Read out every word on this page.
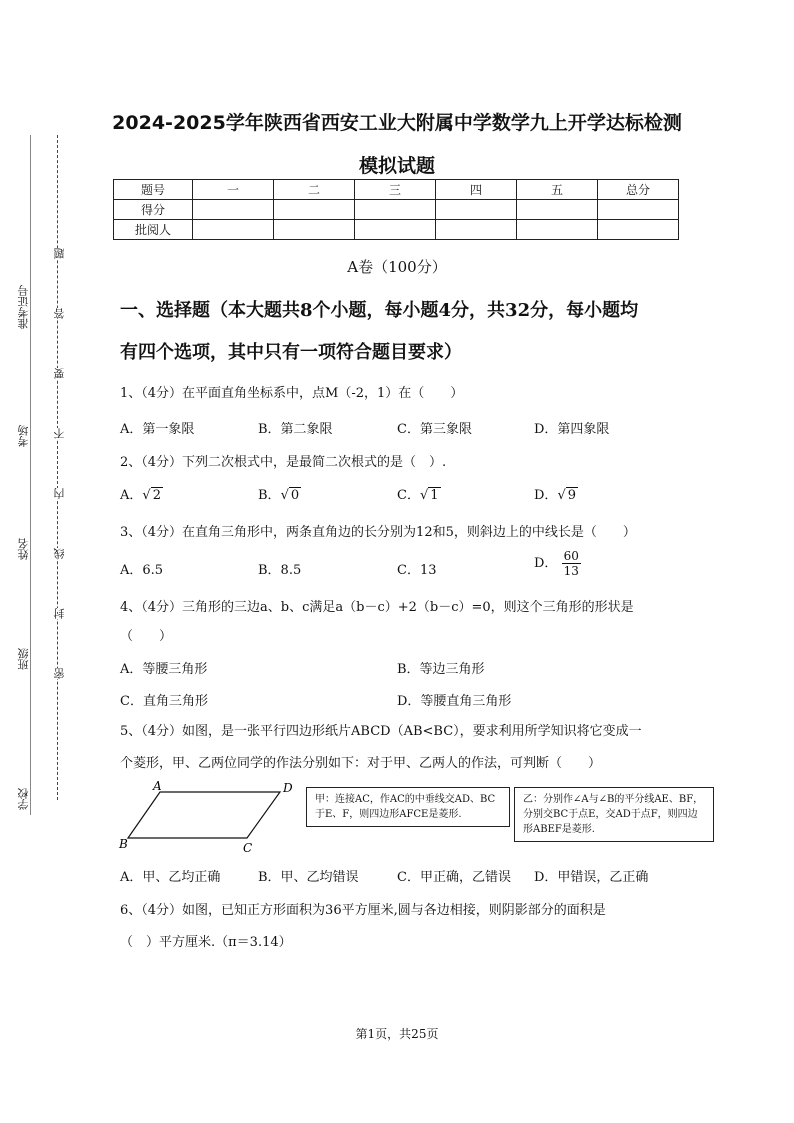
2024-2025学年陕西省西安工业大附属中学数学九上开学达标检测
模拟试题
题号	一	二	三	四	五	总分
得分						
批阅人						
准考证号
考场
姓名
班级
学校
题
答
要
不
内
线
封
密
A卷（100分）
一、选择题（本大题共8个小题，每小题4分，共32分，每小题均
有四个选项，其中只有一项符合题目要求）
1、（4分）在平面直角坐标系中，点M（-2，1）在（　　）
A．第一象限	B．第二象限	C．第三象限	D．第四象限
2、（4分）下列二次根式中，是最简二次根式的是（　）.
A．√ 2	B．√ 0	C．√ 1	D．√ 9
3、（4分）在直角三角形中，两条直角边的长分别为12和5，则斜边上的中线长是（　　）
A．6.5	B．8.5	C．13	D． $\frac{60}{13}$
4、（4分）三角形的三边a、b、c满足a（b－c）+2（b－c）=0，则这个三角形的形状是
（　　）
A．等腰三角形	B．等边三角形
C．直角三角形	D．等腰直角三角形
5、（4分）如图，是一张平行四边形纸片ABCD（AB<BC），要求利用所学知识将它变成一
个菱形，甲、乙两位同学的作法分别如下：对于甲、乙两人的作法，可判断（　　）
A	D
B	C
甲：连接AC，作AC的中垂线交AD、BC于E、F，则四边形AFCE是菱形.
乙：分别作∠A与∠B的平分线AE、BF，分别交BC于点E，交AD于点F，则四边形ABEF是菱形.
A．甲、乙均正确	B．甲、乙均错误	C．甲正确，乙错误 D．甲错误，乙正确
6、（4分）如图，已知正方形面积为36平方厘米,圆与各边相接，则阴影部分的面积是
（　）平方厘米.（π＝3.14）
第1页，共25页
